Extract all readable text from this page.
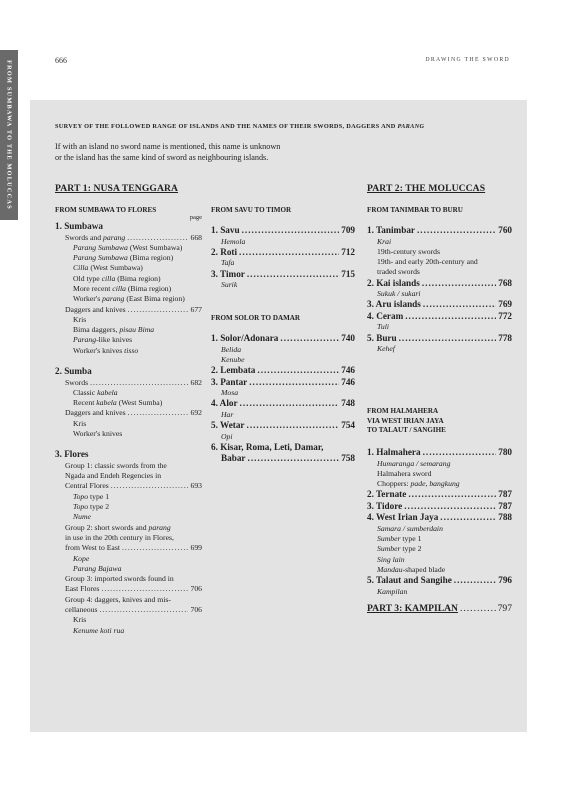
FROM SUMBAWA TO THE MOLUCCAS	666	DRAWING THE SWORD
SURVEY OF THE FOLLOWED RANGE OF ISLANDS AND THE NAMES OF THEIR SWORDS, DAGGERS AND PARANG
If with an island no sword name is mentioned, this name is unknown
or the island has the same kind of sword as neighbouring islands.
PART 1: NUSA TENGGARA
FROM SUMBAWA TO FLORES
page
1. Sumbawa
Swords and parang .....	668
Parang Sumbawa (West Sumbawa)
Parang Sumbawa (Bima region)
Cilla (West Sumbawa)
Old type cilla (Bima region)
More recent cilla (Bima region)
Worker's parang (East Bima region)
Daggers and knives .....	677
Kris
Bima daggers, pisau Bima
Parang-like knives
Worker's knives tisso
2. Sumba
Swords .....	682
Classic kabela
Recent kabela (West Sumba)
Daggers and knives .....	692
Kris
Worker's knives
3. Flores
Group 1: classic swords from the
Ngada and Endeh Regencies in
Central Flores .....	693
Topo type 1
Topo type 2
Nume
Group 2: short swords and parang
in use in the 20th century in Flores,
from West to East .....	699
Kope
Parang Bajawa
Group 3: imported swords found in
East Flores .....	706
Group 4: daggers, knives and mis-
cellaneous .....	706
Kris
Kenume koti rua
FROM SAVU TO TIMOR
1. Savu .....	709
Hemola
2. Roti .....	712
Tafa
3. Timor .....	715
Surik
FROM SOLOR TO DAMAR
1. Solor/Adonara .....	740
Belida
Kenube
2. Lembata .....	746
3. Pantar .....	746
Mosa
4. Alor .....	748
Har
5. Wetar .....	754
Opi
6. Kisar, Roma, Leti, Damar,
Babar .....	758
PART 2: THE MOLUCCAS
FROM TANIMBAR TO BURU
1. Tanimbar .....	760
Krai
19th-century swords
19th- and early 20th-century and
traded swords
2. Kai islands .....	768
Sukuk / sukari
3. Aru islands .....	769
4. Ceram .....	772
Tuli
5. Buru .....	778
Kehef
FROM HALMAHERA
VIA WEST IRIAN JAYA
TO TALAUT / SANGIHE
1. Halmahera .....	780
Humaranga / semarang
Halmahera sword
Choppers: pade, bangkung
2. Ternate .....	787
3. Tidore .....	787
4. West Irian Jaya .....	788
Samara / sumberdain
Sumber type 1
Sumber type 2
Sing lain
Mandau-shaped blade
5. Talaut and Sangihe .....	796
Kampilan
PART 3: KAMPILAN .....	797
